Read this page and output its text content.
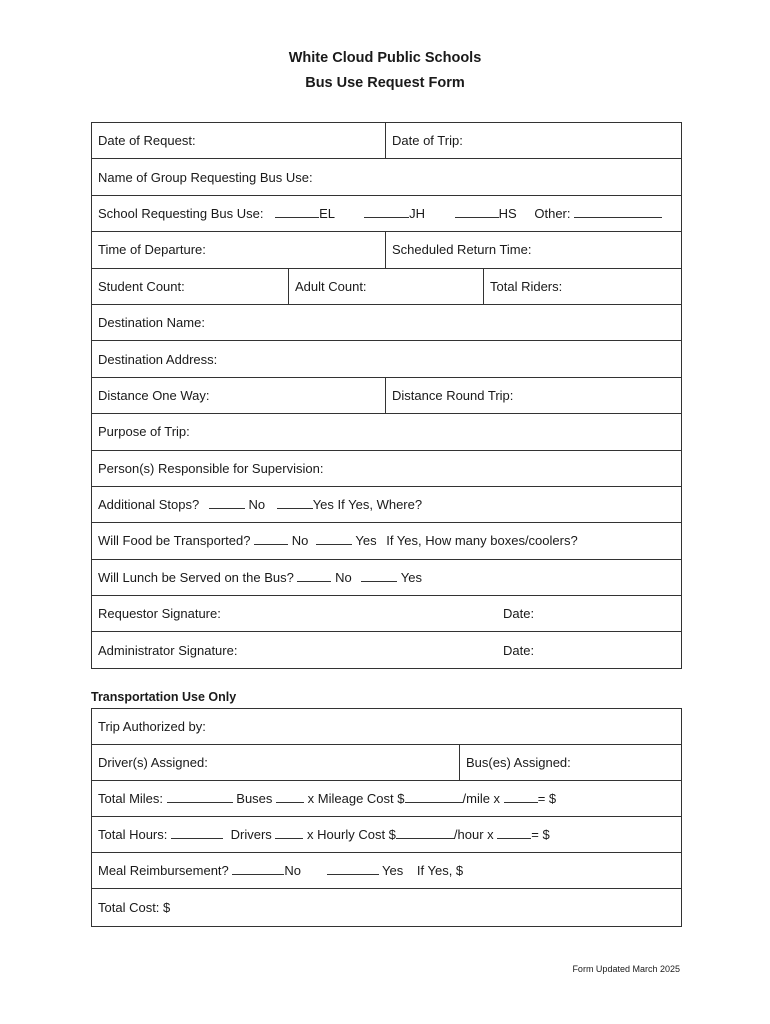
White Cloud Public Schools
Bus Use Request Form
Date of Request:		Date of Trip:	
Name of Group Requesting Bus Use:			
School Requesting Bus Use: EL JH HS Other:			
Time of Departure:		Scheduled Return Time:	
Student Count:	Adult Count:		Total Riders:
Destination Name:			
Destination Address:			
Distance One Way:		Distance Round Trip:	
Purpose of Trip:			
Person(s) Responsible for Supervision:			
Additional Stops? No Yes If Yes, Where?			
Will Food be Transported? No Yes If Yes, How many boxes/coolers?			
Will Lunch be Served on the Bus? No Yes			
Requestor Signature: Date:			

Administrator Signature: Date:			
Transportation Use Only
Trip Authorized by:
Driver(s) Assigned:	Bus(es) Assigned:
Total Miles:	Buses	x Mileage Cost $	/mile x	= $
Total Hours:	Drivers	x Hourly Cost $	/hour x	= $
Meal Reimbursement?	No	Yes If Yes, $
Total Cost: $
Form Updated March 2025
